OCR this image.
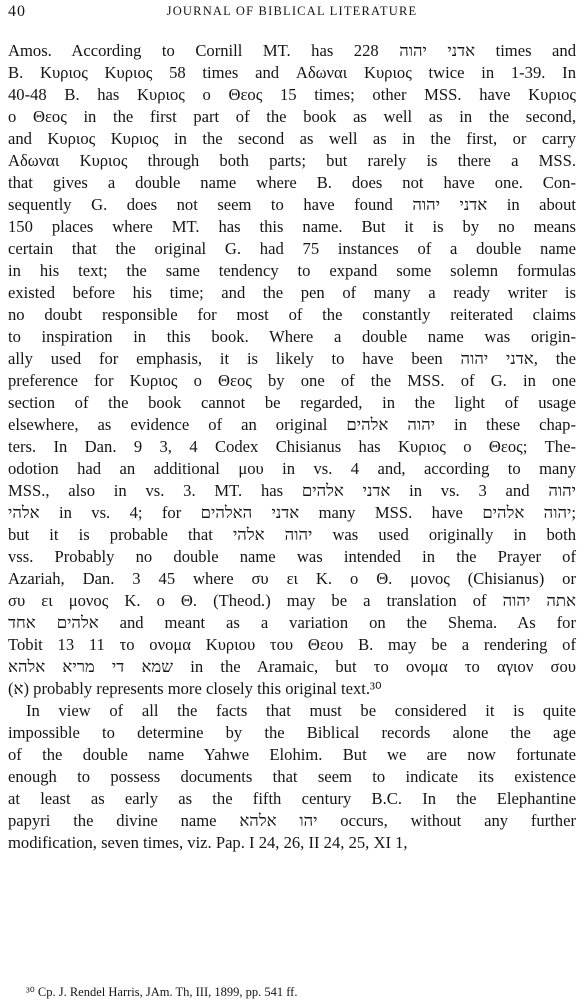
40	JOURNAL OF BIBLICAL LITERATURE
Amos. According to Cornill MT. has אדני יהוה 228 times and
B. Κυριος Κυριος 58 times and Αδωναι Κυριος twice in 1-39. In
40-48 B. has Κυριος ο Θεος 15 times; other MSS. have Κυριος
ο Θεος in the first part of the book as well as in the second,
and Κυριος Κυριος in the second as well as in the first, or carry
Αδωναι Κυριος through both parts; but rarely is there a MSS.
that gives a double name where B. does not have one. Con-
sequently G. does not seem to have found אדני יהוה in about
150 places where MT. has this name. But it is by no means
certain that the original G. had 75 instances of a double name
in his text; the same tendency to expand some solemn formulas
existed before his time; and the pen of many a ready writer is
no doubt responsible for most of the constantly reiterated claims
to inspiration in this book. Where a double name was origin-
ally used for emphasis, it is likely to have been אדני יהוה, the
preference for Κυριος ο Θεος by one of the MSS. of G. in one
section of the book cannot be regarded, in the light of usage
elsewhere, as evidence of an original יהוה אלהים in these chap-
ters. In Dan. 9 3, 4 Codex Chisianus has Κυριος ο Θεος; The-
odotion had an additional μου in vs. 4 and, according to many
MSS., also in vs. 3. MT. has אדני אלהים in vs. 3 and יהוה
אלהי in vs. 4; for אדני האלהים many MSS. have יהוה אלהים;
but it is probable that יהוה אלהי was used originally in both
vss. Probably no double name was intended in the Prayer of
Azariah, Dan. 3 45 where συ ει Κ. ο Θ. μονος (Chisianus) or
συ ει μονος Κ. ο Θ. (Theod.) may be a translation of אתה יהוה
אלהים אחד and meant as a variation on the Shema. As for
Tobit 13 11 το ονομα Κυριου του Θεου B. may be a rendering of
שמא די מריא אלהא in the Aramaic, but το ονομα το αγιον σου
(א) probably represents more closely this original text.³⁰
In view of all the facts that must be considered it is quite
impossible to determine by the Biblical records alone the age
of the double name Yahwe Elohim. But we are now fortunate
enough to possess documents that seem to indicate its existence
at least as early as the fifth century B.C. In the Elephantine
papyri the divine name יהו אלהא occurs, without any further
modification, seven times, viz. Pap. I 24, 26, II 24, 25, XI 1,
³⁰ Cp. J. Rendel Harris, JAm. Th, III, 1899, pp. 541 ff.
